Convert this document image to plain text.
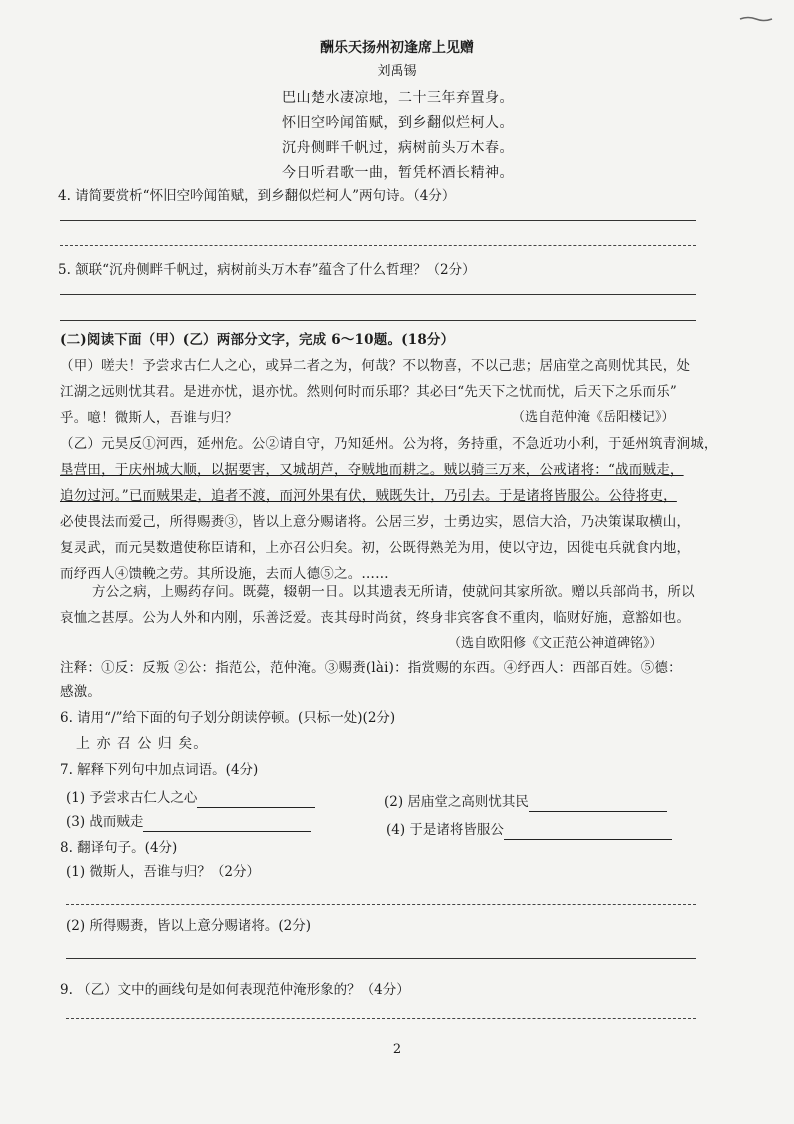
酬乐天扬州初逢席上见赠
刘禹锡
巴山楚水凄凉地，二十三年弃置身。
怀旧空吟闻笛赋，到乡翻似烂柯人。
沉舟侧畔千帆过，病树前头万木春。
今日听君歌一曲，暂凭杯酒长精神。
4. 请简要赏析“怀旧空吟闻笛赋，到乡翻似烂柯人”两句诗。（4分）
5. 颔联“沉舟侧畔千帆过，病树前头万木春”蕴含了什么哲理？（2分）
(二)阅读下面（甲）(乙）两部分文字，完成 6～10题。(18分）
（甲）嗟夫！予尝求古仁人之心，或异二者之为，何哉？不以物喜，不以己悲；居庙堂之高则忧其民，处
江湖之远则忧其君。是进亦忧，退亦忧。然则何时而乐耶？其必曰“先天下之忧而忧，后天下之乐而乐”
乎。噫！微斯人，吾谁与归？	（选自范仲淹《岳阳楼记》）
（乙）元昊反①河西，延州危。公②请自守，乃知延州。公为将，务持重，不急近功小利，于延州筑青涧城，
垦营田，于庆州城大顺，以据要害，又城胡芦，夺贼地而耕之。贼以骑三万来，公戒诸将：“战而贼走，
追勿过河。”已而贼果走，追者不渡，而河外果有伏，贼既失计，乃引去。于是诸将皆服公。公待将吏，
必使畏法而爱己，所得赐赉③，皆以上意分赐诸将。公居三岁，士勇边实，恩信大洽，乃决策谋取横山，
复灵武，而元昊数遣使称臣请和，上亦召公归矣。初，公既得熟羌为用，使以守边，因徙屯兵就食内地，
而纾西人④馈輓之劳。其所设施，去而人德⑤之。……
方公之病，上赐药存问。既薨，辍朝一日。以其遗表无所请，使就问其家所欲。赠以兵部尚书，所以
哀恤之甚厚。公为人外和内刚，乐善泛爱。丧其母时尚贫，终身非宾客食不重肉，临财好施，意豁如也。
（选自欧阳修《文正范公神道碑铭》）
注释：①反：反叛 ②公：指范公，范仲淹。③赐赉(lài)：指赏赐的东西。④纾西人：西部百姓。⑤德：
感激。
6. 请用“/”给下面的句子划分朗读停顿。(只标一处)(2分)
上 亦 召 公 归 矣。
7. 解释下列句中加点词语。(4分)
(1) 予尝求古仁人之心	(2) 居庙堂之高则忧其民
(3) 战而贼走	(4) 于是诸将皆服公
8. 翻译句子。(4分)
(1) 微斯人，吾谁与归？（2分）
(2) 所得赐赉，皆以上意分赐诸将。(2分)
9. （乙）文中的画线句是如何表现范仲淹形象的？（4分）
2
